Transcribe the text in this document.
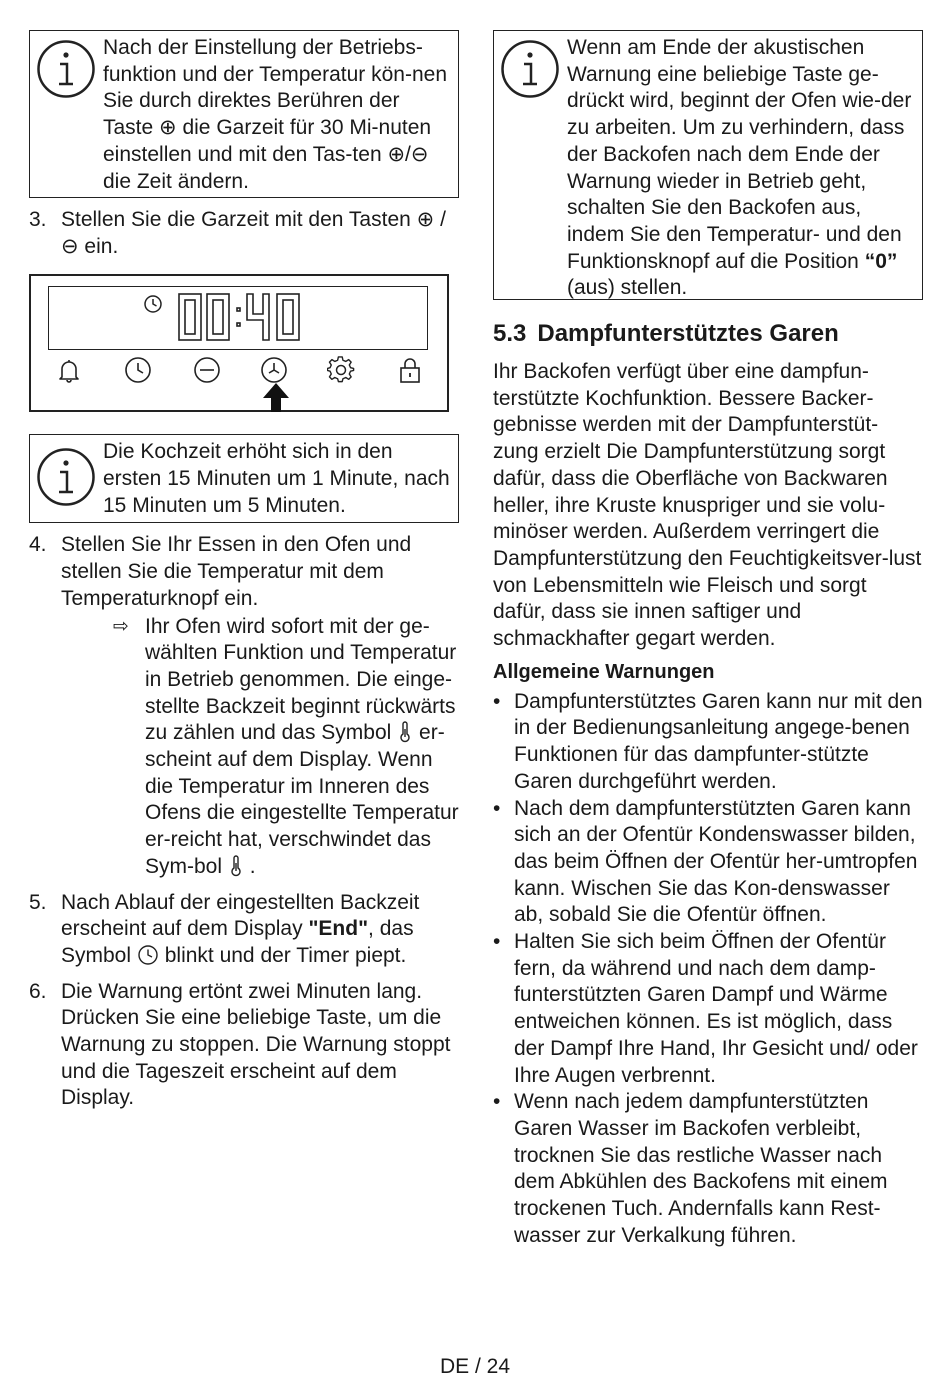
Nach der Einstellung der Betriebs-funktion und der Temperatur kön-nen Sie durch direktes Berühren der Taste ⊕ die Garzeit für 30 Mi-nuten einstellen und mit den Tas-ten ⊕/⊖ die Zeit ändern.
3. Stellen Sie die Garzeit mit den Tasten ⊕ /⊖ ein.
Die Kochzeit erhöht sich in den ersten 15 Minuten um 1 Minute, nach 15 Minuten um 5 Minuten.
4. Stellen Sie Ihr Essen in den Ofen und stellen Sie die Temperatur mit dem Temperaturknopf ein.
⇨ Ihr Ofen wird sofort mit der ge-wählten Funktion und Temperatur in Betrieb genommen. Die einge-stellte Backzeit beginnt rückwärts zu zählen und das Symbol er-scheint auf dem Display. Wenn die Temperatur im Inneren des Ofens die eingestellte Temperatur er-reicht hat, verschwindet das Sym-bol .
5. Nach Ablauf der eingestellten Backzeit erscheint auf dem Display "End", das Symbol blinkt und der Timer piept.
6. Die Warnung ertönt zwei Minuten lang. Drücken Sie eine beliebige Taste, um die Warnung zu stoppen. Die Warnung stoppt und die Tageszeit erscheint auf dem Display.
Wenn am Ende der akustischen Warnung eine beliebige Taste ge-drückt wird, beginnt der Ofen wie-der zu arbeiten. Um zu verhindern, dass der Backofen nach dem Ende der Warnung wieder in Betrieb geht, schalten Sie den Backofen aus, indem Sie den Temperatur- und den Funktionsknopf auf die Position “0” (aus) stellen.
5.3 Dampfunterstütztes Garen

Ihr Backofen verfügt über eine dampfun-terstützte Kochfunktion. Bessere Backer-gebnisse werden mit der Dampfunterstüt-zung erzielt Die Dampfunterstützung sorgt dafür, dass die Oberfläche von Backwaren heller, ihre Kruste knuspriger und sie volu-minöser werden. Außerdem verringert die Dampfunterstützung den Feuchtigkeitsver-lust von Lebensmitteln wie Fleisch und sorgt dafür, dass sie innen saftiger und schmackhafter gegart werden.

Allgemeine Warnungen
• Dampfunterstütztes Garen kann nur mit den in der Bedienungsanleitung angege-benen Funktionen für das dampfunter-stützte Garen durchgeführt werden.
• Nach dem dampfunterstützten Garen kann sich an der Ofentür Kondenswasser bilden, das beim Öffnen der Ofentür her-umtropfen kann. Wischen Sie das Kon-denswasser ab, sobald Sie die Ofentür öffnen.
• Halten Sie sich beim Öffnen der Ofentür fern, da während und nach dem damp-funterstützten Garen Dampf und Wärme entweichen können. Es ist möglich, dass der Dampf Ihre Hand, Ihr Gesicht und/ oder Ihre Augen verbrennt.
• Wenn nach jedem dampfunterstützten Garen Wasser im Backofen verbleibt, trocknen Sie das restliche Wasser nach dem Abkühlen des Backofens mit einem trockenen Tuch. Andernfalls kann Rest-wasser zur Verkalkung führen.
DE / 24
